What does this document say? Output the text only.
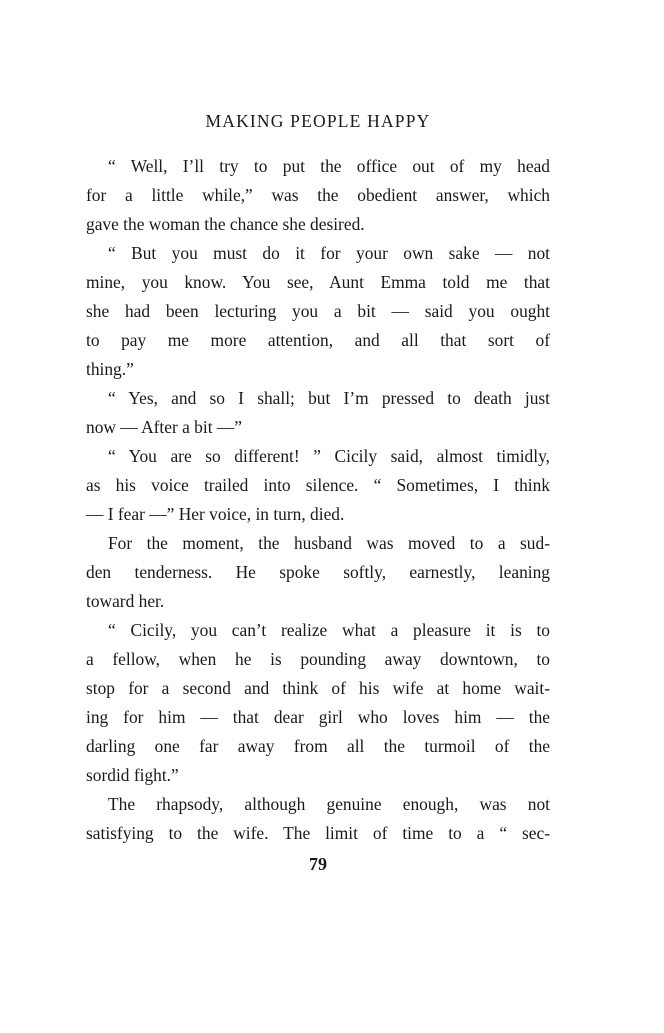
MAKING PEOPLE HAPPY
“ Well, I’ll try to put the office out of my head
for a little while,” was the obedient answer, which
gave the woman the chance she desired.
“ But you must do it for your own sake — not
mine, you know. You see, Aunt Emma told me that
she had been lecturing you a bit — said you ought
to pay me more attention, and all that sort of
thing.”
“ Yes, and so I shall; but I’m pressed to death just
now — After a bit —”
“ You are so different! ” Cicily said, almost timidly,
as his voice trailed into silence. “ Sometimes, I think
— I fear —” Her voice, in turn, died.
For the moment, the husband was moved to a sud-
den tenderness. He spoke softly, earnestly, leaning
toward her.
“ Cicily, you can’t realize what a pleasure it is to
a fellow, when he is pounding away downtown, to
stop for a second and think of his wife at home wait-
ing for him — that dear girl who loves him — the
darling one far away from all the turmoil of the
sordid fight.”
The rhapsody, although genuine enough, was not
satisfying to the wife. The limit of time to a “ sec-
79
